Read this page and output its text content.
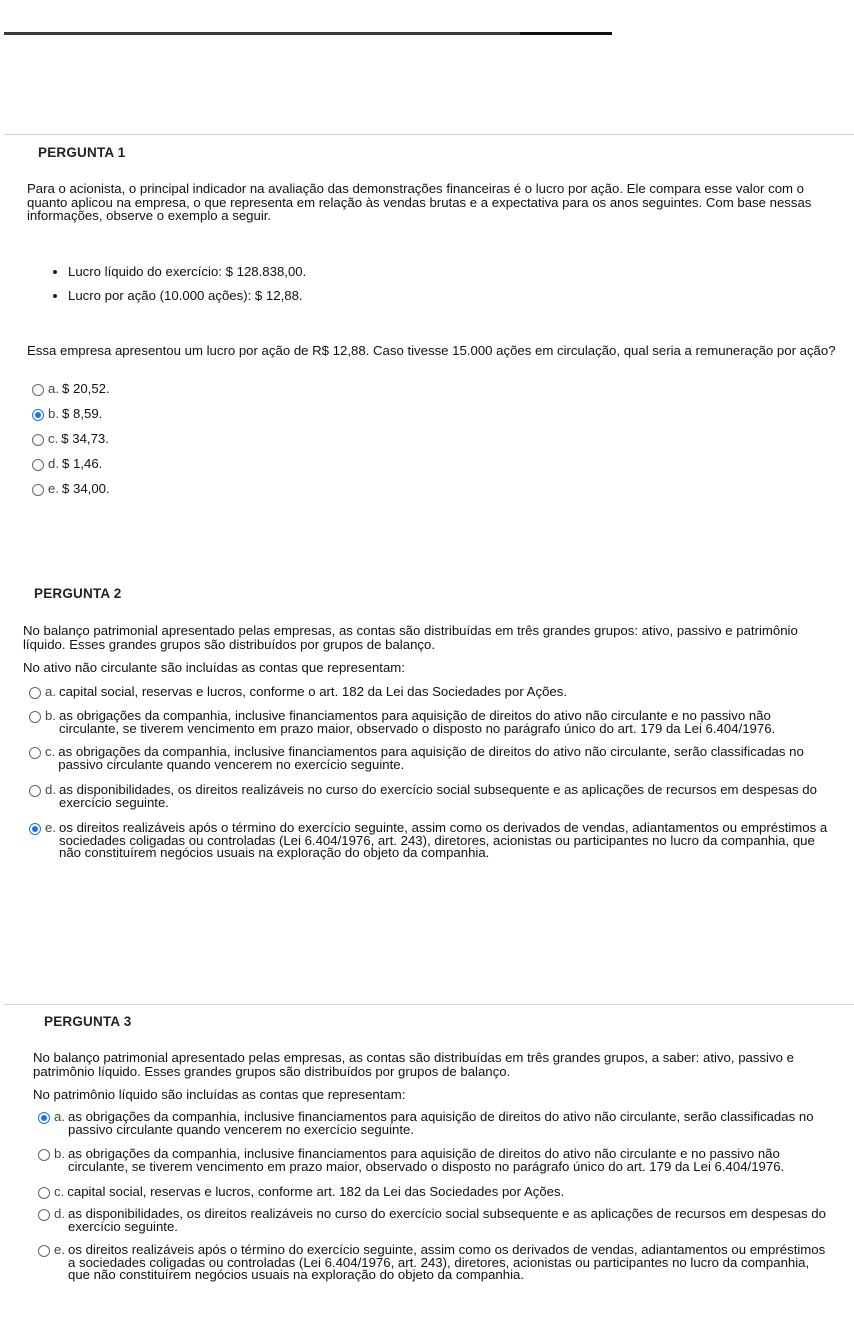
PERGUNTA 1
Para o acionista, o principal indicador na avaliação das demonstrações financeiras é o lucro por ação. Ele compara esse valor com o quanto aplicou na empresa, o que representa em relação às vendas brutas e a expectativa para os anos seguintes. Com base nessas informações, observe o exemplo a seguir.
Lucro líquido do exercício: $ 128.838,00.
Lucro por ação (10.000 ações): $ 12,88.
Essa empresa apresentou um lucro por ação de R$ 12,88. Caso tivesse 15.000 ações em circulação, qual seria a remuneração por ação?
a. $ 20,52.
b. $ 8,59.
c. $ 34,73.
d. $ 1,46.
e. $ 34,00.
PERGUNTA 2
No balanço patrimonial apresentado pelas empresas, as contas são distribuídas em três grandes grupos: ativo, passivo e patrimônio líquido. Esses grandes grupos são distribuídos por grupos de balanço.
No ativo não circulante são incluídas as contas que representam:
a. capital social, reservas e lucros, conforme o art. 182 da Lei das Sociedades por Ações.
b. as obrigações da companhia, inclusive financiamentos para aquisição de direitos do ativo não circulante e no passivo não circulante, se tiverem vencimento em prazo maior, observado o disposto no parágrafo único do art. 179 da Lei 6.404/1976.
c. as obrigações da companhia, inclusive financiamentos para aquisição de direitos do ativo não circulante, serão classificadas no passivo circulante quando vencerem no exercício seguinte.
d. as disponibilidades, os direitos realizáveis no curso do exercício social subsequente e as aplicações de recursos em despesas do exercício seguinte.
e. os direitos realizáveis após o término do exercício seguinte, assim como os derivados de vendas, adiantamentos ou empréstimos a sociedades coligadas ou controladas (Lei 6.404/1976, art. 243), diretores, acionistas ou participantes no lucro da companhia, que não constituírem negócios usuais na exploração do objeto da companhia.
PERGUNTA 3
No balanço patrimonial apresentado pelas empresas, as contas são distribuídas em três grandes grupos, a saber: ativo, passivo e patrimônio líquido. Esses grandes grupos são distribuídos por grupos de balanço.
No patrimônio líquido são incluídas as contas que representam:
a. as obrigações da companhia, inclusive financiamentos para aquisição de direitos do ativo não circulante, serão classificadas no passivo circulante quando vencerem no exercício seguinte.
b. as obrigações da companhia, inclusive financiamentos para aquisição de direitos do ativo não circulante e no passivo não circulante, se tiverem vencimento em prazo maior, observado o disposto no parágrafo único do art. 179 da Lei 6.404/1976.
c. capital social, reservas e lucros, conforme art. 182 da Lei das Sociedades por Ações.
d. as disponibilidades, os direitos realizáveis no curso do exercício social subsequente e as aplicações de recursos em despesas do exercício seguinte.
e. os direitos realizáveis após o término do exercício seguinte, assim como os derivados de vendas, adiantamentos ou empréstimos a sociedades coligadas ou controladas (Lei 6.404/1976, art. 243), diretores, acionistas ou participantes no lucro da companhia, que não constituírem negócios usuais na exploração do objeto da companhia.
